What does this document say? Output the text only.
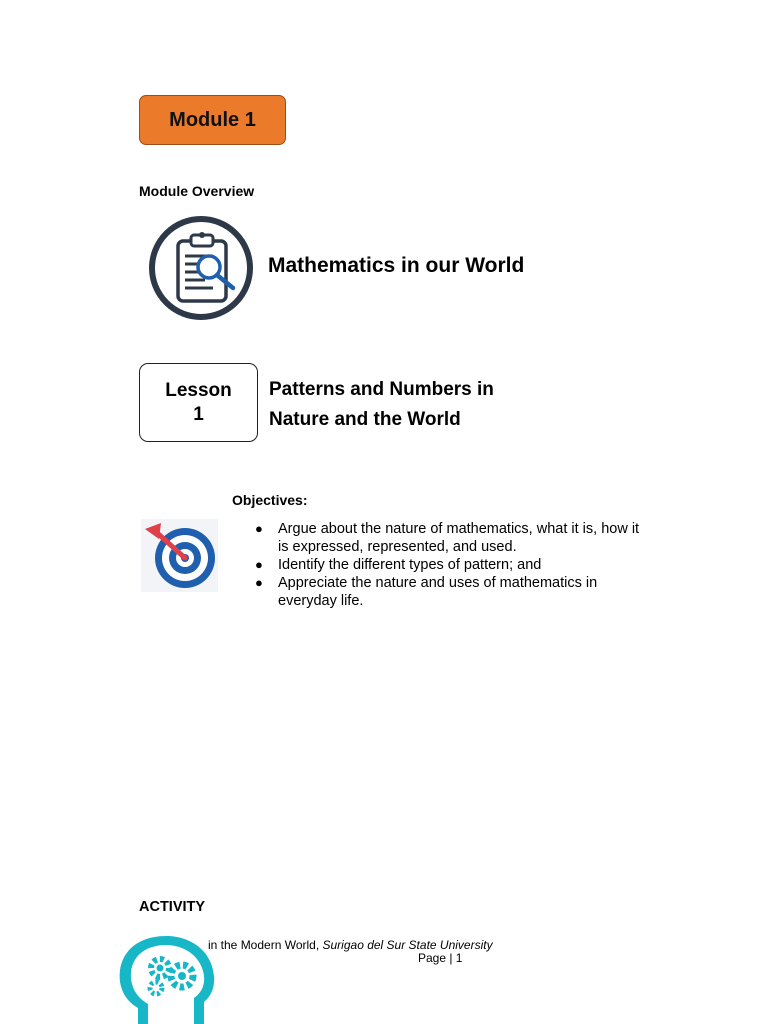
Module 1
Module Overview
Mathematics in our World
Lesson
1
Patterns and Numbers in
Nature and the World
Objectives:
● Argue about the nature of mathematics, what it is, how it
is expressed, represented, and used.
● Identify the different types of pattern; and
● Appreciate the nature and uses of mathematics in
everyday life.
ACTIVITY
in the Modern World, Surigao del Sur State University
Page | 1
